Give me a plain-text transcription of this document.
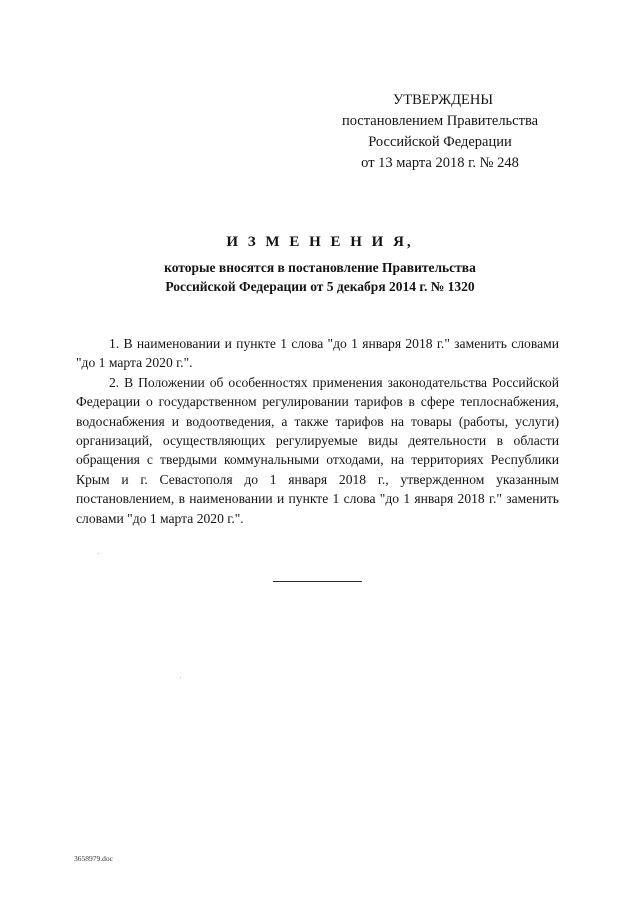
УТВЕРЖДЕНЫ
постановлением Правительства
Российской Федерации
от 13 марта 2018 г. № 248
И З М Е Н Е Н И Я,
которые вносятся в постановление Правительства
Российской Федерации от 5 декабря 2014 г. № 1320

1. В наименовании и пункте 1 слова "до 1 января 2018 г." заменить словами "до 1 марта 2020 г.".

2. В Положении об особенностях применения законодательства Российской Федерации о государственном регулировании тарифов в сфере теплоснабжения, водоснабжения и водоотведения, а также тарифов на товары (работы, услуги) организаций, осуществляющих регулируемые виды деятельности в области обращения с твердыми коммунальными отходами, на территориях Республики Крым и г. Севастополя до 1 января 2018 г., утвержденном указанным постановлением, в наименовании и пункте 1 слова "до 1 января 2018 г." заменить словами "до 1 марта 2020 г.".

3658979.doc
